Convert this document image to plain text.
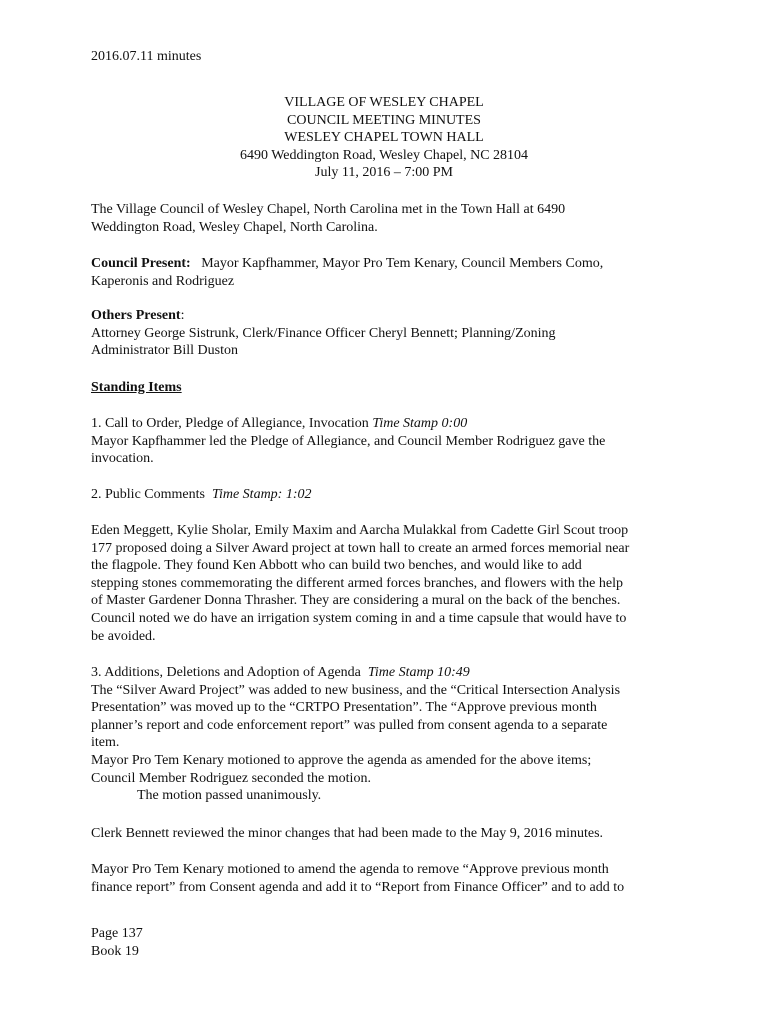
2016.07.11 minutes
VILLAGE OF WESLEY CHAPEL
COUNCIL MEETING MINUTES
WESLEY CHAPEL TOWN HALL
6490 Weddington Road, Wesley Chapel, NC 28104
July 11, 2016 – 7:00 PM
The Village Council of Wesley Chapel, North Carolina met in the Town Hall at 6490
Weddington Road, Wesley Chapel, North Carolina.
Council Present: Mayor Kapfhammer, Mayor Pro Tem Kenary, Council Members Como,
Kaperonis and Rodriguez
Others Present:
Attorney George Sistrunk, Clerk/Finance Officer Cheryl Bennett; Planning/Zoning
Administrator Bill Duston
Standing Items
1. Call to Order, Pledge of Allegiance, Invocation Time Stamp 0:00
Mayor Kapfhammer led the Pledge of Allegiance, and Council Member Rodriguez gave the
invocation.
2. Public Comments Time Stamp: 1:02
Eden Meggett, Kylie Sholar, Emily Maxim and Aarcha Mulakkal from Cadette Girl Scout troop
177 proposed doing a Silver Award project at town hall to create an armed forces memorial near
the flagpole. They found Ken Abbott who can build two benches, and would like to add
stepping stones commemorating the different armed forces branches, and flowers with the help
of Master Gardener Donna Thrasher. They are considering a mural on the back of the benches.
Council noted we do have an irrigation system coming in and a time capsule that would have to
be avoided.
3. Additions, Deletions and Adoption of Agenda Time Stamp 10:49
The “Silver Award Project” was added to new business, and the “Critical Intersection Analysis
Presentation” was moved up to the “CRTPO Presentation”. The “Approve previous month
planner’s report and code enforcement report” was pulled from consent agenda to a separate
item.
Mayor Pro Tem Kenary motioned to approve the agenda as amended for the above items;
Council Member Rodriguez seconded the motion.
The motion passed unanimously.
Clerk Bennett reviewed the minor changes that had been made to the May 9, 2016 minutes.
Mayor Pro Tem Kenary motioned to amend the agenda to remove “Approve previous month
finance report” from Consent agenda and add it to “Report from Finance Officer” and to add to
Page 137
Book 19
